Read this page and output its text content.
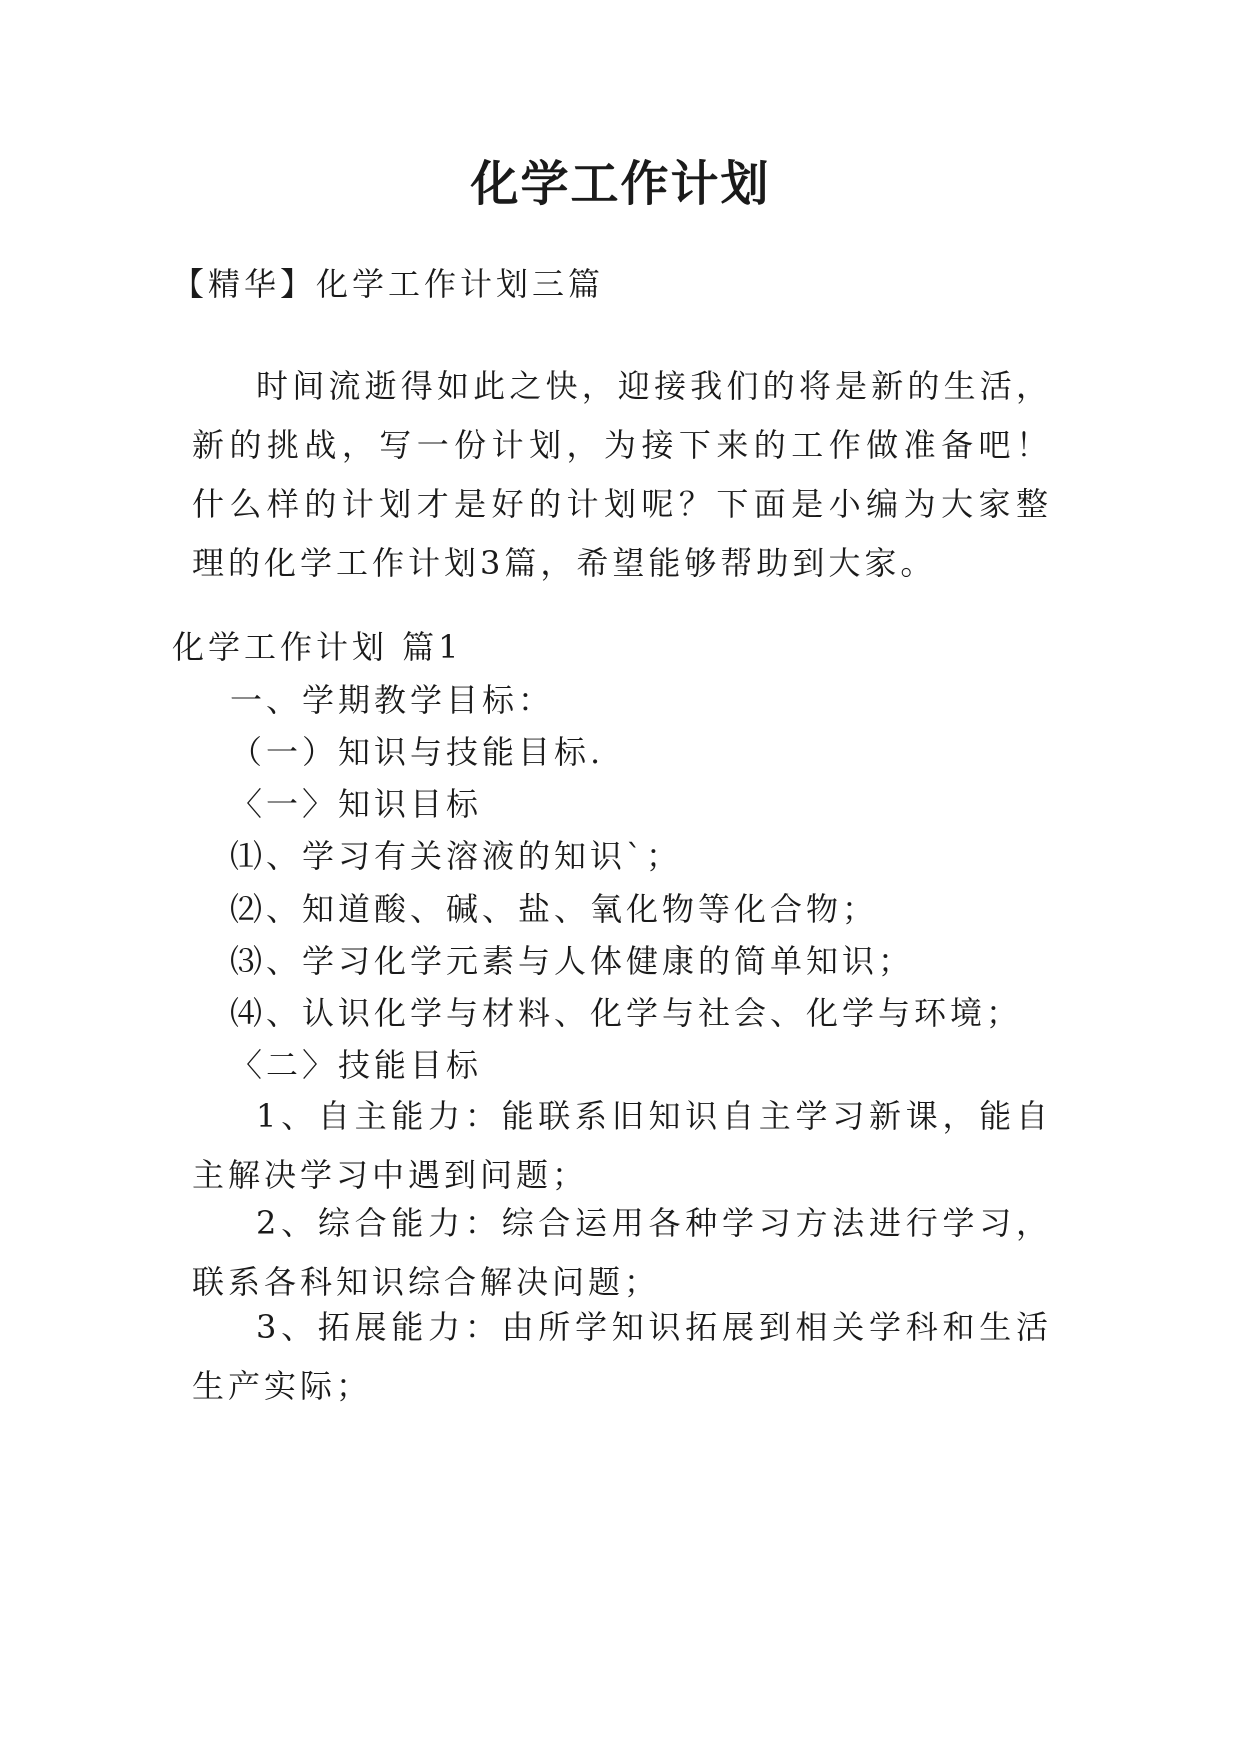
化学工作计划
【精华】化学工作计划三篇

时间流逝得如此之快，迎接我们的将是新的生活，新的挑战，写一份计划，为接下来的工作做准备吧！什么样的计划才是好的计划呢？下面是小编为大家整理的化学工作计划3篇，希望能够帮助到大家。

化学工作计划 篇1
一、学期教学目标：
（一）知识与技能目标.
〈一〉知识目标
⑴、学习有关溶液的知识`；
⑵、知道酸、碱、盐、氧化物等化合物；
⑶、学习化学元素与人体健康的简单知识；
⑷、认识化学与材料、化学与社会、化学与环境；
〈二〉技能目标

1、自主能力：能联系旧知识自主学习新课，能自主解决学习中遇到问题；

2、综合能力：综合运用各种学习方法进行学习，联系各科知识综合解决问题；

3、拓展能力：由所学知识拓展到相关学科和生活生产实际；
